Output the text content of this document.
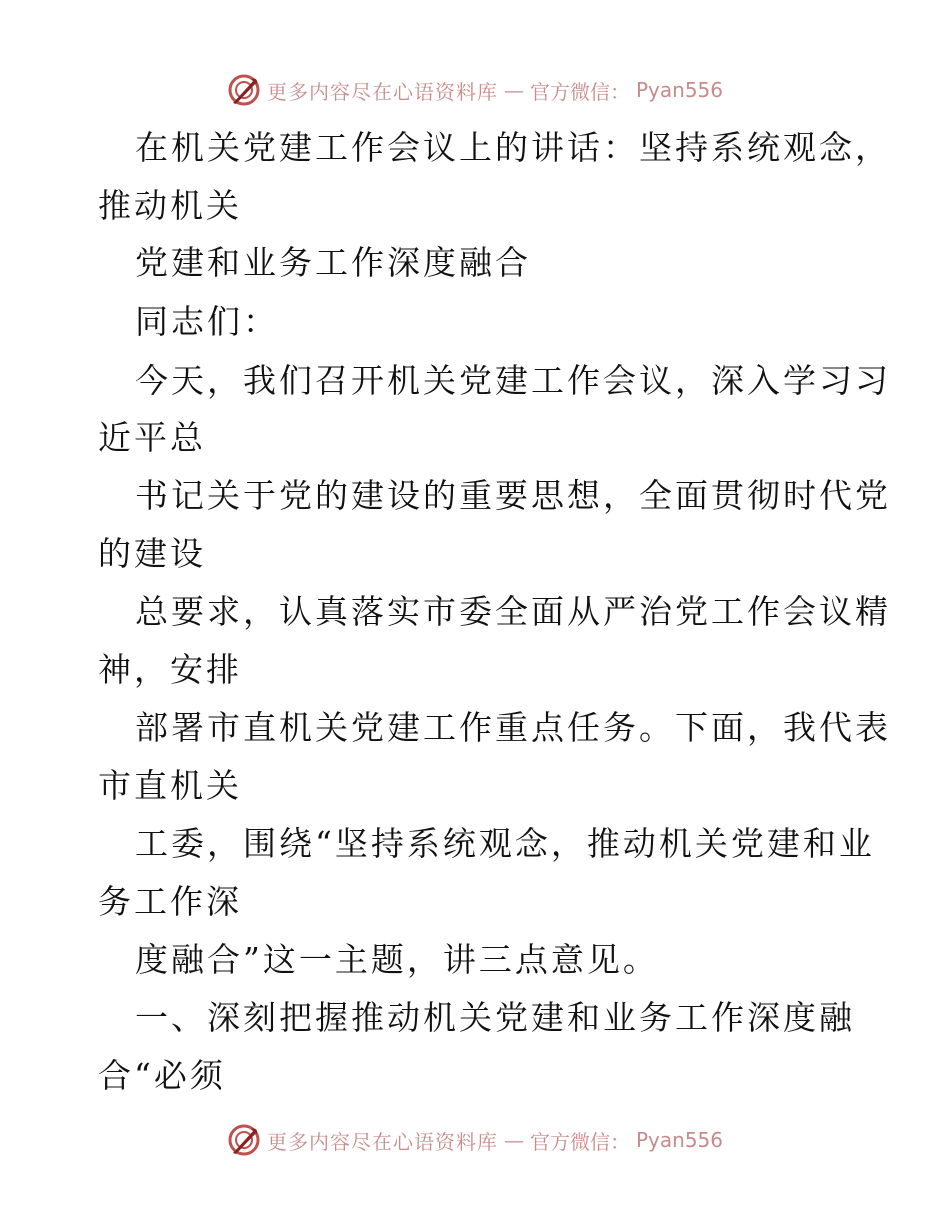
更多内容尽在心语资料库 — 官方微信： Pyan556
在机关党建工作会议上的讲话：坚持系统观念，
推动机关
党建和业务工作深度融合
同志们：
今天，我们召开机关党建工作会议，深入学习习
近平总
书记关于党的建设的重要思想，全面贯彻时代党
的建设
总要求，认真落实市委全面从严治党工作会议精
神，安排
部署市直机关党建工作重点任务。下面，我代表
市直机关
工委，围绕“坚持系统观念，推动机关党建和业
务工作深
度融合”这一主题，讲三点意见。
一、深刻把握推动机关党建和业务工作深度融
合“必须
更多内容尽在心语资料库 — 官方微信： Pyan556
